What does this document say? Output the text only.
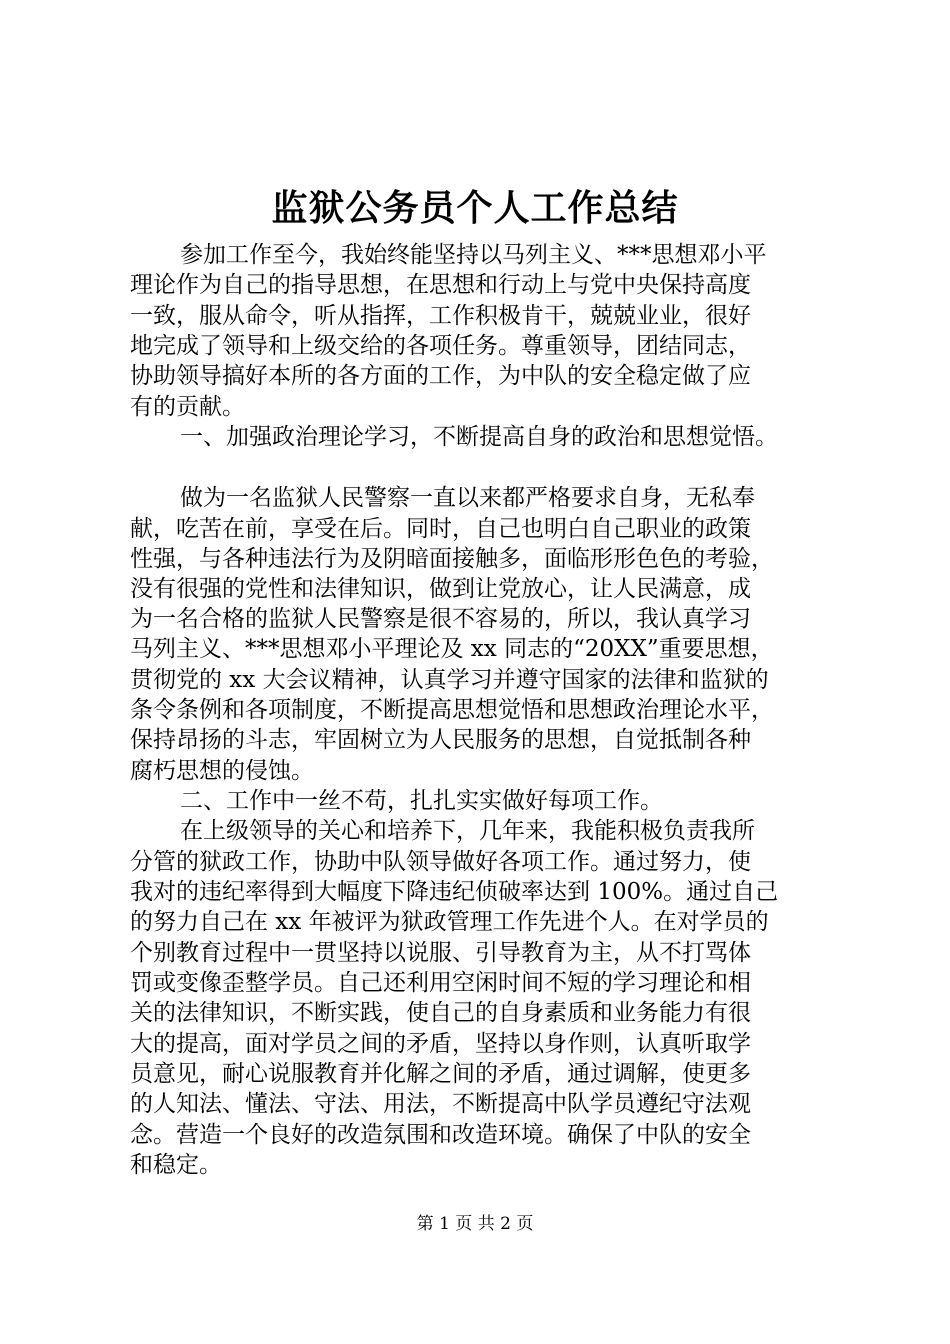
监狱公务员个人工作总结

参加工作至今，我始终能坚持以马列主义、***思想邓小平

理论作为自己的指导思想，在思想和行动上与党中央保持高度

一致，服从命令，听从指挥，工作积极肯干，兢兢业业，很好

地完成了领导和上级交给的各项任务。尊重领导，团结同志，

协助领导搞好本所的各方面的工作，为中队的安全稳定做了应

有的贡献。

一、加强政治理论学习，不断提高自身的政治和思想觉悟。

做为一名监狱人民警察一直以来都严格要求自身，无私奉

献，吃苦在前，享受在后。同时，自己也明白自己职业的政策

性强，与各种违法行为及阴暗面接触多，面临形形色色的考验，

没有很强的党性和法律知识，做到让党放心，让人民满意，成

为一名合格的监狱人民警察是很不容易的，所以，我认真学习

马列主义、***思想邓小平理论及 xx 同志的“20XX”重要思想，

贯彻党的 xx 大会议精神，认真学习并遵守国家的法律和监狱的

条令条例和各项制度，不断提高思想觉悟和思想政治理论水平，

保持昂扬的斗志，牢固树立为人民服务的思想，自觉抵制各种

腐朽思想的侵蚀。

二、工作中一丝不苟，扎扎实实做好每项工作。

在上级领导的关心和培养下，几年来，我能积极负责我所

分管的狱政工作，协助中队领导做好各项工作。通过努力，使

我对的违纪率得到大幅度下降违纪侦破率达到 100%。通过自己

的努力自己在 xx 年被评为狱政管理工作先进个人。在对学员的

个别教育过程中一贯坚持以说服、引导教育为主，从不打骂体

罚或变像歪整学员。自己还利用空闲时间不短的学习理论和相

关的法律知识，不断实践，使自己的自身素质和业务能力有很

大的提高，面对学员之间的矛盾，坚持以身作则，认真听取学

员意见，耐心说服教育并化解之间的矛盾，通过调解，使更多

的人知法、懂法、守法、用法，不断提高中队学员遵纪守法观

念。营造一个良好的改造氛围和改造环境。确保了中队的安全

和稳定。

第 1 页 共 2 页
